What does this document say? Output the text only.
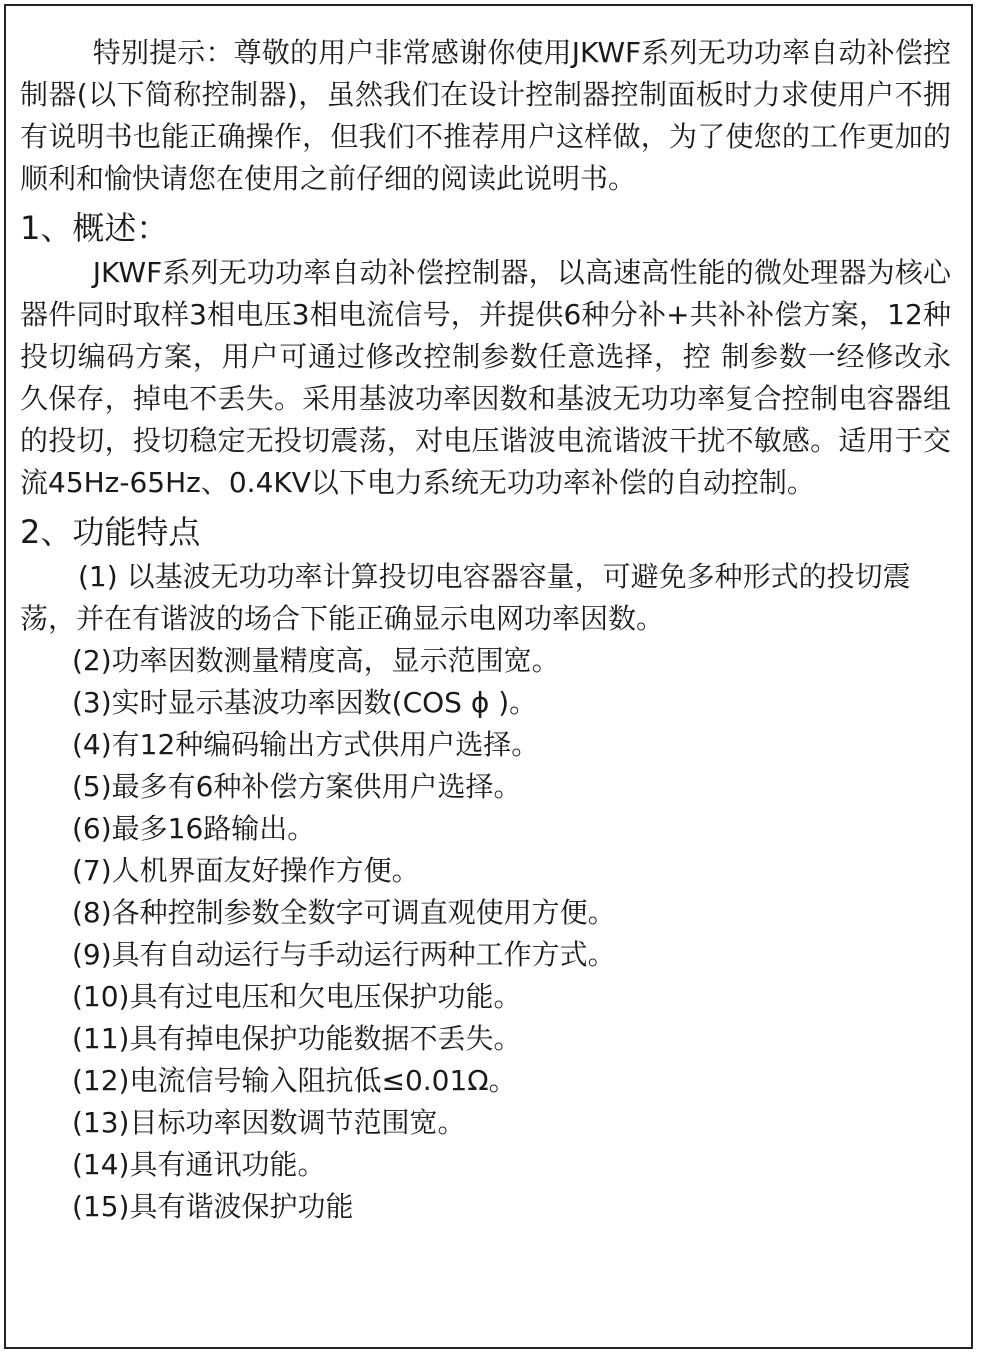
特别提示：尊敬的用户非常感谢你使用JKWF系列无功功率自动补偿控制器(以下简称控制器)，虽然我们在设计控制器控制面板时力求使用户不拥有说明书也能正确操作，但我们不推荐用户这样做，为了使您的工作更加的顺利和愉快请您在使用之前仔细的阅读此说明书。

1、概述：

JKWF系列无功功率自动补偿控制器，以高速高性能的微处理器为核心器件同时取样3相电压3相电流信号，并提供6种分补+共补补偿方案，12种投切编码方案，用户可通过修改控制参数任意选择，控 制参数一经修改永久保存，掉电不丢失。采用基波功率因数和基波无功功率复合控制电容器组的投切，投切稳定无投切震荡，对电压谐波电流谐波干扰不敏感。适用于交流45Hz-65Hz、0.4KV以下电力系统无功功率补偿的自动控制。

2、功能特点

(1) 以基波无功功率计算投切电容器容量，可避免多种形式的投切震荡，并在有谐波的场合下能正确显示电网功率因数。

(2)功率因数测量精度高，显示范围宽。

(3)实时显示基波功率因数(COS ϕ )。

(4)有12种编码输出方式供用户选择。

(5)最多有6种补偿方案供用户选择。

(6)最多16路输出。

(7)人机界面友好操作方便。

(8)各种控制参数全数字可调直观使用方便。

(9)具有自动运行与手动运行两种工作方式。

(10)具有过电压和欠电压保护功能。

(11)具有掉电保护功能数据不丢失。

(12)电流信号输入阻抗低≤0.01Ω。

(13)目标功率因数调节范围宽。

(14)具有通讯功能。

(15)具有谐波保护功能
